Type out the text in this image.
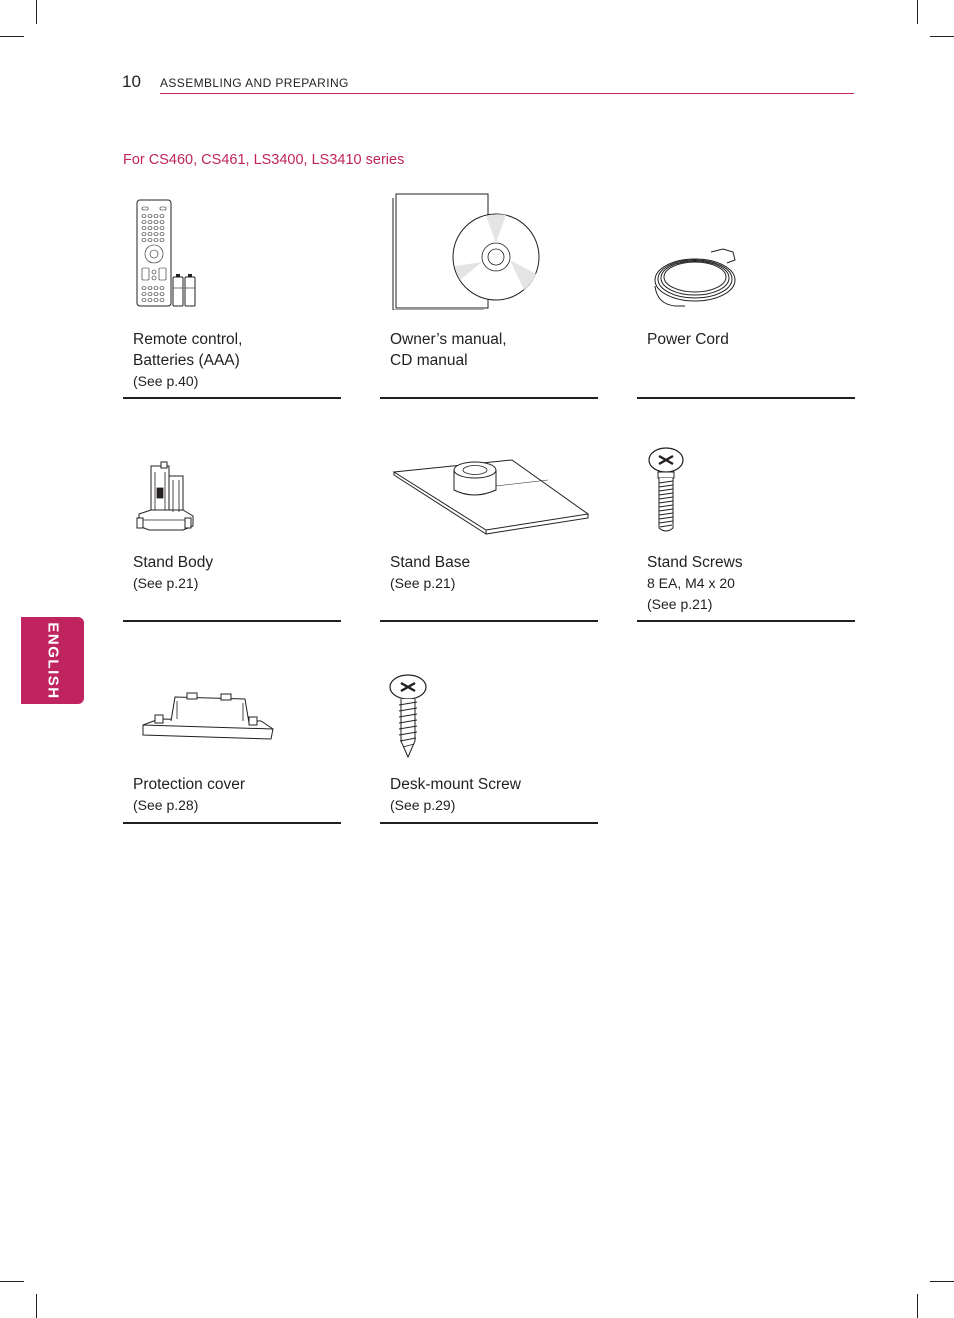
10 ASSEMBLING AND PREPARING
For CS460, CS461, LS3400, LS3410 series
ENGLISH
Remote control,
Batteries (AAA)
(See p.40)
Owner’s manual,
CD manual
Power Cord
Stand Body
(See p.21)
Stand Base
(See p.21)
Stand Screws
8 EA, M4 x 20
(See p.21)
Protection cover
(See p.28)
Desk-mount Screw
(See p.29)
